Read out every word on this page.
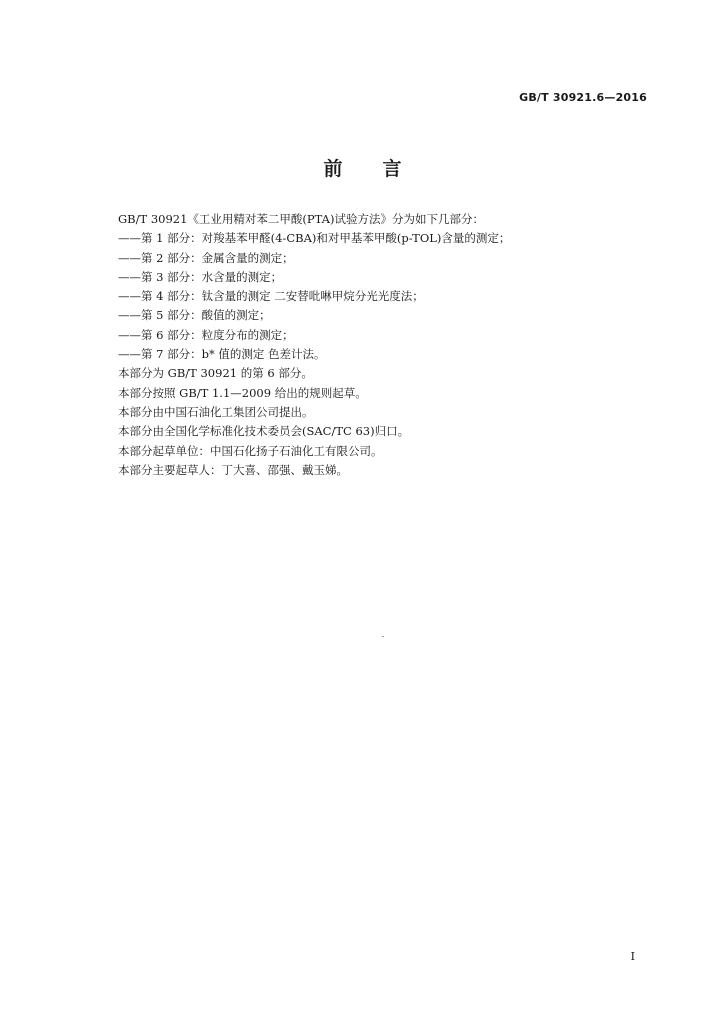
GB/T 30921.6—2016
前 言
GB/T 30921《工业用精对苯二甲酸(PTA)试验方法》分为如下几部分：
——第 1 部分：对羧基苯甲醛(4-CBA)和对甲基苯甲酸(p-TOL)含量的测定；
——第 2 部分：金属含量的测定；
——第 3 部分：水含量的测定；
——第 4 部分：钛含量的测定 二安替吡啉甲烷分光光度法；
——第 5 部分：酸值的测定；
——第 6 部分：粒度分布的测定；
——第 7 部分：b* 值的测定 色差计法。
本部分为 GB/T 30921 的第 6 部分。
本部分按照 GB/T 1.1—2009 给出的规则起草。
本部分由中国石油化工集团公司提出。
本部分由全国化学标准化技术委员会(SAC/TC 63)归口。
本部分起草单位：中国石化扬子石油化工有限公司。
本部分主要起草人：丁大喜、邵强、戴玉娣。
I
